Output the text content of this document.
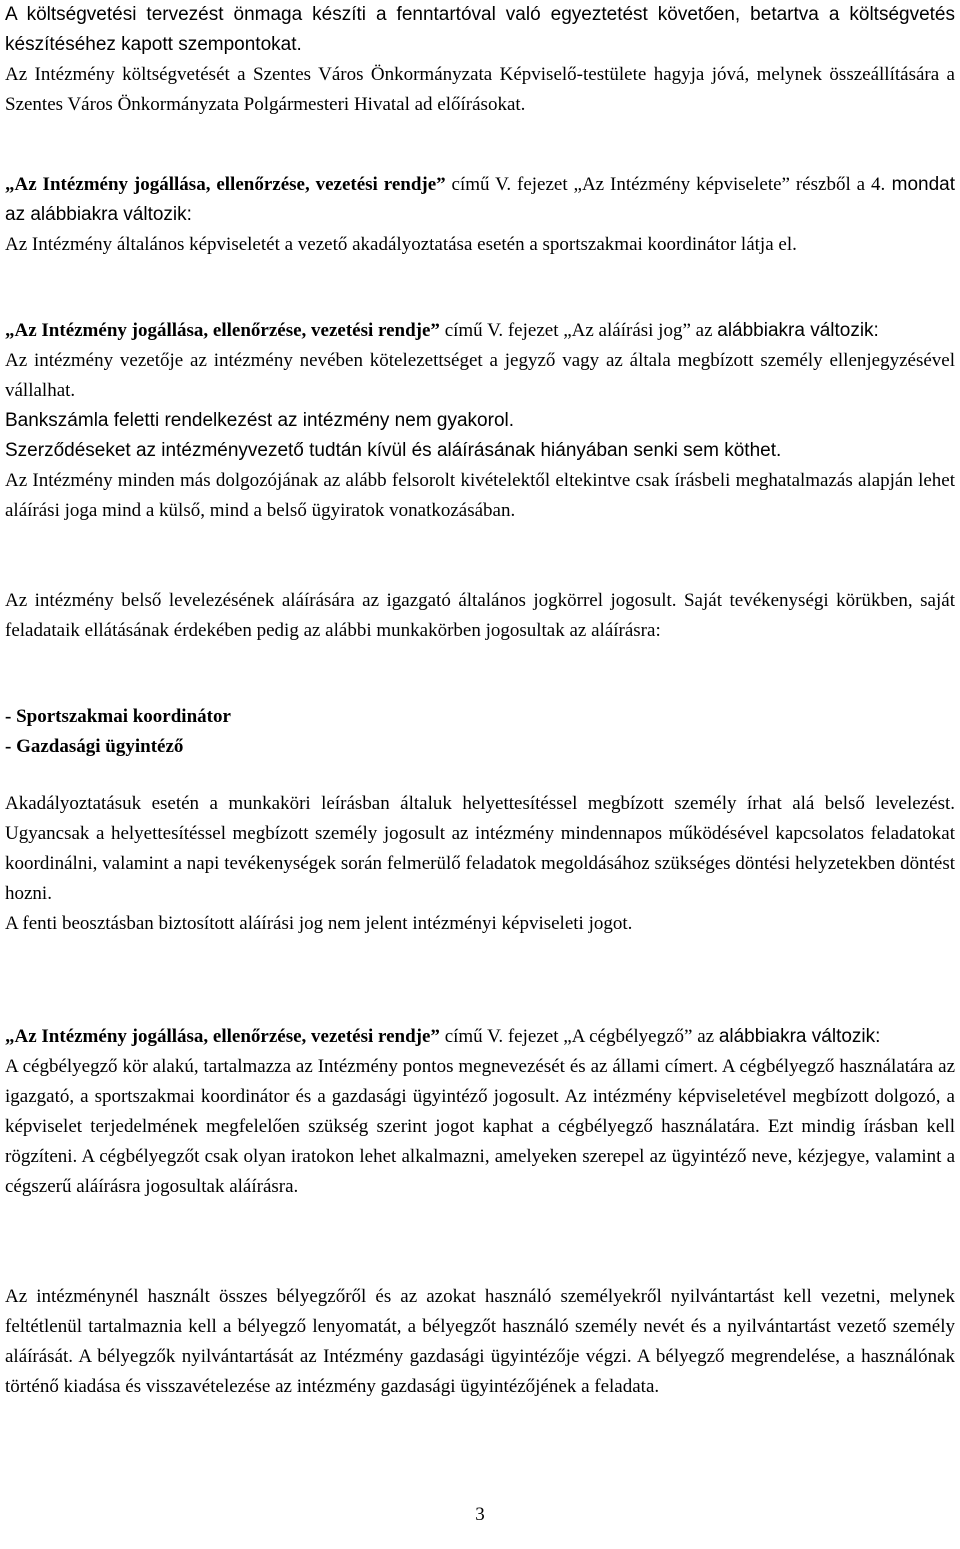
A költségvetési tervezést önmaga készíti a fenntartóval való egyeztetést követően, betartva a költségvetés készítéséhez kapott szempontokat.

Az Intézmény költségvetését a Szentes Város Önkormányzata Képviselő-testülete hagyja jóvá, melynek összeállítására a Szentes Város Önkormányzata Polgármesteri Hivatal ad előírásokat.

„Az Intézmény jogállása, ellenőrzése, vezetési rendje” című V. fejezet „Az Intézmény képviselete” részből a 4. mondat az alábbiakra változik:

Az Intézmény általános képviseletét a vezető akadályoztatása esetén a sportszakmai koordinátor látja el.

„Az Intézmény jogállása, ellenőrzése, vezetési rendje” című V. fejezet „Az aláírási jog” az alábbiakra változik:

Az intézmény vezetője az intézmény nevében kötelezettséget a jegyző vagy az általa megbízott személy ellenjegyzésével vállalhat.

Bankszámla feletti rendelkezést az intézmény nem gyakorol.

Szerződéseket az intézményvezető tudtán kívül és aláírásának hiányában senki sem köthet.

Az Intézmény minden más dolgozójának az alább felsorolt kivételektől eltekintve csak írásbeli meghatalmazás alapján lehet aláírási joga mind a külső, mind a belső ügyiratok vonatkozásában.

Az intézmény belső levelezésének aláírására az igazgató általános jogkörrel jogosult. Saját tevékenységi körükben, saját feladataik ellátásának érdekében pedig az alábbi munkakörben jogosultak az aláírásra:

- Sportszakmai koordinátor

- Gazdasági ügyintéző

Akadályoztatásuk esetén a munkaköri leírásban általuk helyettesítéssel megbízott személy írhat alá belső levelezést. Ugyancsak a helyettesítéssel megbízott személy jogosult az intézmény mindennapos működésével kapcsolatos feladatokat koordinálni, valamint a napi tevékenységek során felmerülő feladatok megoldásához szükséges döntési helyzetekben döntést hozni.

A fenti beosztásban biztosított aláírási jog nem jelent intézményi képviseleti jogot.

„Az Intézmény jogállása, ellenőrzése, vezetési rendje” című V. fejezet „A cégbélyegző” az alábbiakra változik:

A cégbélyegző kör alakú, tartalmazza az Intézmény pontos megnevezését és az állami címert. A cégbélyegző használatára az igazgató, a sportszakmai koordinátor és a gazdasági ügyintéző jogosult. Az intézmény képviseletével megbízott dolgozó, a képviselet terjedelmének megfelelően szükség szerint jogot kaphat a cégbélyegző használatára. Ezt mindig írásban kell rögzíteni. A cégbélyegzőt csak olyan iratokon lehet alkalmazni, amelyeken szerepel az ügyintéző neve, kézjegye, valamint a cégszerű aláírásra jogosultak aláírásra.

Az intézménynél használt összes bélyegzőről és az azokat használó személyekről nyilvántartást kell vezetni, melynek feltétlenül tartalmaznia kell a bélyegző lenyomatát, a bélyegzőt használó személy nevét és a nyilvántartást vezető személy aláírását. A bélyegzők nyilvántartását az Intézmény gazdasági ügyintézője végzi. A bélyegző megrendelése, a használónak történő kiadása és visszavételezése az intézmény gazdasági ügyintézőjének a feladata.

3
